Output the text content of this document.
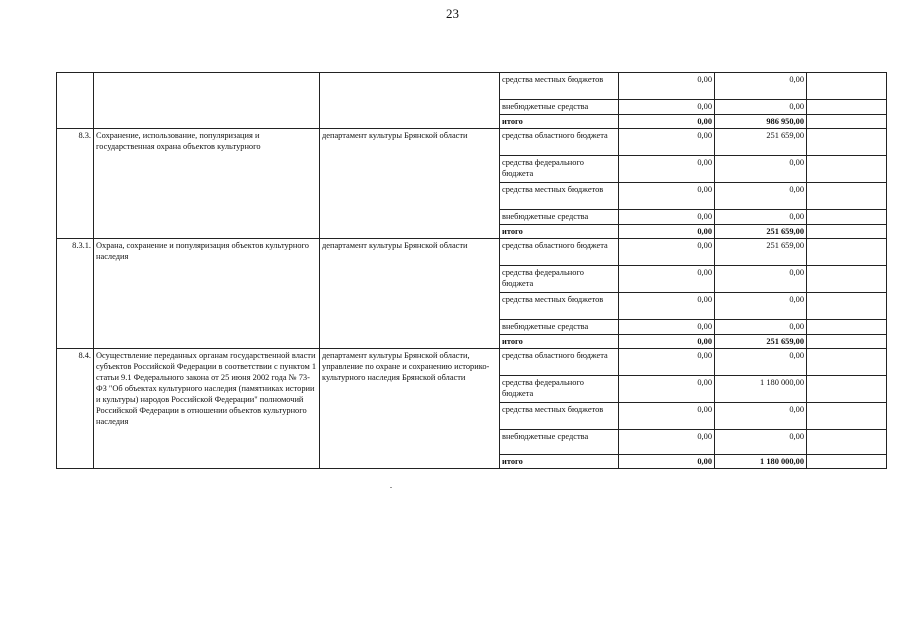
23
			средства местных бюджетов	0,00	0,00	
			внебюджетные средства	0,00	0,00	
			итого	0,00	986 950,00	
8.3.	Сохранение, использование, популяризация и государственная охрана объектов культурного	департамент культуры Брянской области	средства областного бюджета	0,00	251 659,00	
			средства федерального бюджета	0,00	0,00	
			средства местных бюджетов	0,00	0,00	
			внебюджетные средства	0,00	0,00	
			итого	0,00	251 659,00	
8.3.1.	Охрана, сохранение и популяризация объектов культурного наследия	департамент культуры Брянской области	средства областного бюджета	0,00	251 659,00	
			средства федерального бюджета	0,00	0,00	
			средства местных бюджетов	0,00	0,00	
			внебюджетные средства	0,00	0,00	
			итого	0,00	251 659,00	
8.4.	Осуществление переданных органам государственной власти субъектов Российской Федерации в соответствии с пунктом 1 статьи 9.1 Федерального закона от 25 июня 2002 года № 73-ФЗ "Об объектах культурного наследия (памятниках истории и культуры) народов Российской Федерации" полномочий Российской Федерации в отношении объектов культурного наследия	департамент культуры Брянской области, управление по охране и сохранению историко-культурного наследия Брянской области	средства областного бюджета	0,00	0,00	
			средства федерального бюджета	0,00	1 180 000,00	
			средства местных бюджетов	0,00	0,00	
			внебюджетные средства	0,00	0,00	
			итого	0,00	1 180 000,00	
